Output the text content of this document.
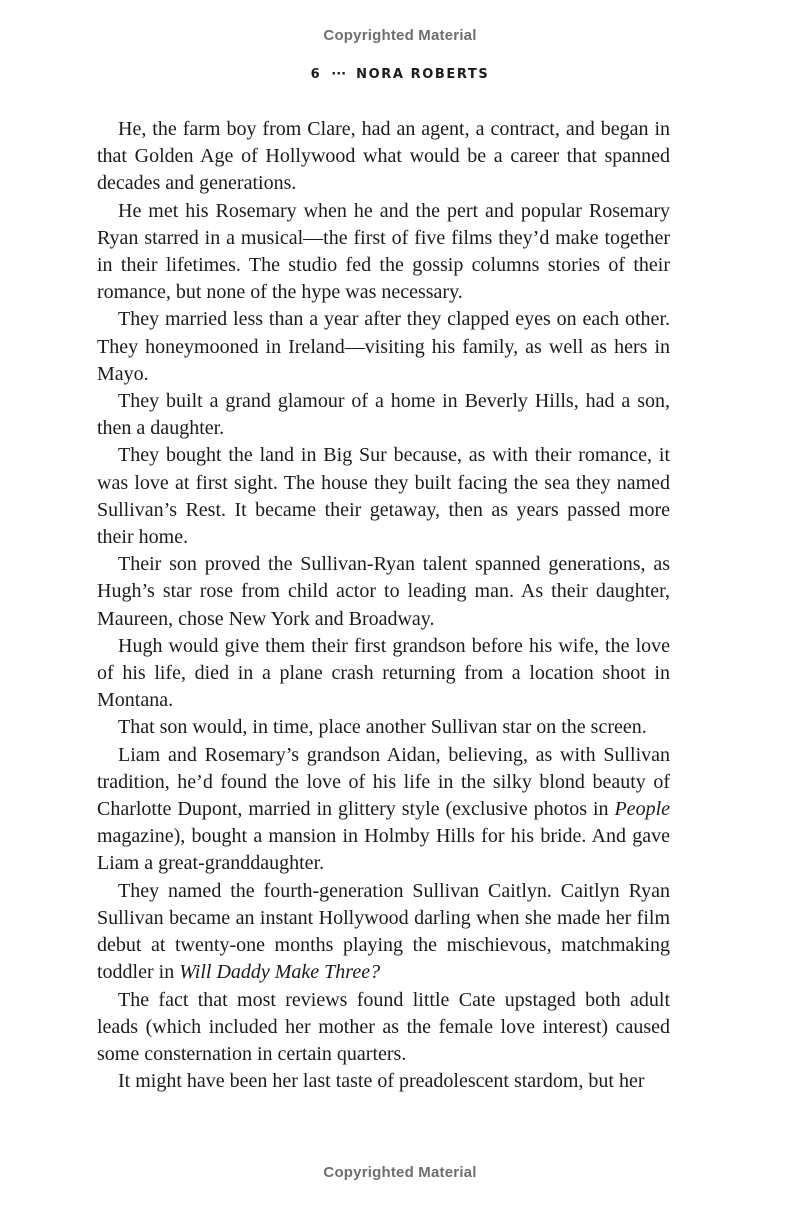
Copyrighted Material
6 ··· NORA ROBERTS

He, the farm boy from Clare, had an agent, a contract, and began in that Golden Age of Hollywood what would be a career that spanned decades and generations.

He met his Rosemary when he and the pert and popular Rosemary Ryan starred in a musical—the first of five films they’d make together in their lifetimes. The studio fed the gossip columns stories of their romance, but none of the hype was necessary.

They married less than a year after they clapped eyes on each other. They honeymooned in Ireland—visiting his family, as well as hers in Mayo.

They built a grand glamour of a home in Beverly Hills, had a son, then a daughter.

They bought the land in Big Sur because, as with their romance, it was love at first sight. The house they built facing the sea they named Sullivan’s Rest. It became their getaway, then as years passed more their home.

Their son proved the Sullivan-Ryan talent spanned generations, as Hugh’s star rose from child actor to leading man. As their daughter, Maureen, chose New York and Broadway.

Hugh would give them their first grandson before his wife, the love of his life, died in a plane crash returning from a location shoot in Montana.

That son would, in time, place another Sullivan star on the screen.

Liam and Rosemary’s grandson Aidan, believing, as with Sullivan tradition, he’d found the love of his life in the silky blond beauty of Charlotte Dupont, married in glittery style (exclusive photos in People magazine), bought a mansion in Holmby Hills for his bride. And gave Liam a great-granddaughter.

They named the fourth-generation Sullivan Caitlyn. Caitlyn Ryan Sullivan became an instant Hollywood darling when she made her film debut at twenty-one months playing the mischievous, matchmaking toddler in Will Daddy Make Three?

The fact that most reviews found little Cate upstaged both adult leads (which included her mother as the female love interest) caused some consternation in certain quarters.

It might have been her last taste of preadolescent stardom, but her

Copyrighted Material
